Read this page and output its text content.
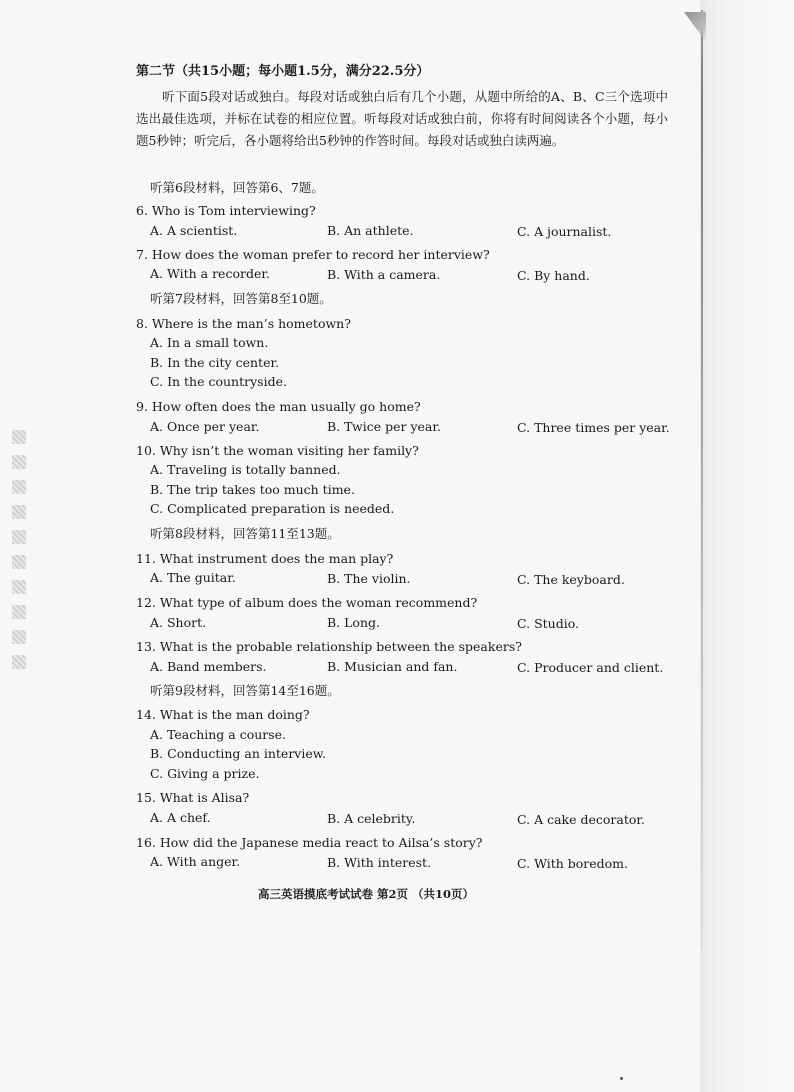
第二节（共15小题；每小题1.5分，满分22.5分）
听下面5段对话或独白。每段对话或独白后有几个小题，从题中所给的A、B、C三个选项中选出最佳选项，并标在试卷的相应位置。听每段对话或独白前，你将有时间阅读各个小题，每小题5秒钟；听完后，各小题将给出5秒钟的作答时间。每段对话或独白读两遍。
听第6段材料，回答第6、7题。
6. Who is Tom interviewing?
A. A scientist.	B. An athlete.	C. A journalist.
7. How does the woman prefer to record her interview?
A. With a recorder.	B. With a camera.	C. By hand.
听第7段材料，回答第8至10题。
8. Where is the man’s hometown?
A. In a small town.
B. In the city center.
C. In the countryside.
9. How often does the man usually go home?
A. Once per year.	B. Twice per year.	C. Three times per year.
10. Why isn’t the woman visiting her family?
A. Traveling is totally banned.
B. The trip takes too much time.
C. Complicated preparation is needed.
听第8段材料，回答第11至13题。
11. What instrument does the man play?
A. The guitar.	B. The violin.	C. The keyboard.
12. What type of album does the woman recommend?
A. Short.	B. Long.	C. Studio.
13. What is the probable relationship between the speakers?
A. Band members.	B. Musician and fan.	C. Producer and client.
听第9段材料，回答第14至16题。
14. What is the man doing?
A. Teaching a course.
B. Conducting an interview.
C. Giving a prize.
15. What is Alisa?
A. A chef.	B. A celebrity.	C. A cake decorator.
16. How did the Japanese media react to Ailsa’s story?
A. With anger.	B. With interest.	C. With boredom.
高三英语摸底考试试卷 第2页 （共10页）
